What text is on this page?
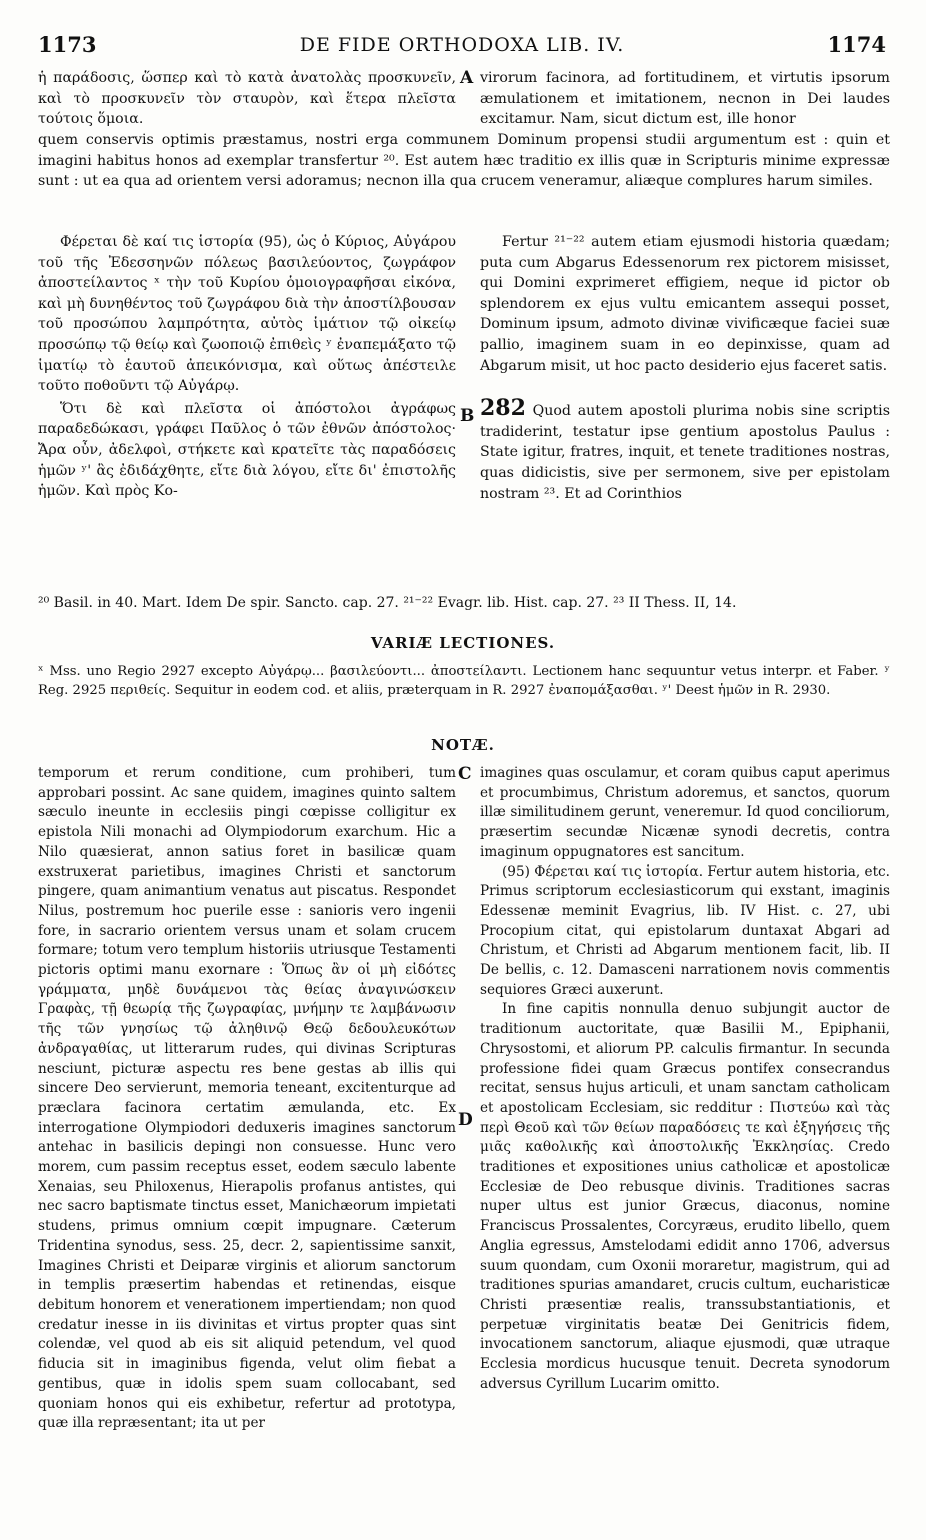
1173	DE FIDE ORTHODOXA LIB. IV.	1174

ἡ παράδοσις, ὥσπερ καὶ τὸ κατὰ ἀνατολὰς προσκυνεῖν, καὶ τὸ προσκυνεῖν τὸν σταυρὸν, καὶ ἕτερα πλεῖστα τούτοις ὅμοια.

A virorum facinora, ad fortitudinem, et virtutis ipsorum æmulationem et imitationem, necnon in Dei laudes excitamur. Nam, sicut dictum est, ille honor

quem conservis optimis præstamus, nostri erga communem Dominum propensi studii argumentum est : quin et imagini habitus honos ad exemplar transfertur ²⁰. Est autem hæc traditio ex illis quæ in Scripturis minime expressæ sunt : ut ea qua ad orientem versi adoramus; necnon illa qua crucem veneramur, aliæque complures harum similes.

Φέρεται δὲ καί τις ἱστορία (95), ὡς ὁ Κύριος, Αὐγάρου τοῦ τῆς Ἐδεσσηνῶν πόλεως βασιλεύοντος, ζωγράφον ἀποστείλαντος ˣ τὴν τοῦ Κυρίου ὁμοιογραφῆσαι εἰκόνα, καὶ μὴ δυνηθέντος τοῦ ζωγράφου διὰ τὴν ἀποστίλβουσαν τοῦ προσώπου λαμπρότητα, αὐτὸς ἱμάτιον τῷ οἰκείῳ προσώπῳ τῷ θείῳ καὶ ζωοποιῷ ἐπιθεὶς ʸ ἐναπεμάξατο τῷ ἱματίῳ τὸ ἑαυτοῦ ἀπεικόνισμα, καὶ οὕτως ἀπέστειλε τοῦτο ποθοῦντι τῷ Αὐγάρῳ.

Ὅτι δὲ καὶ πλεῖστα οἱ ἀπόστολοι ἀγράφως παραδεδώκασι, γράφει Παῦλος ὁ τῶν ἐθνῶν ἀπόστολος· Ἄρα οὖν, ἀδελφοὶ, στήκετε καὶ κρατεῖτε τὰς παραδόσεις ἡμῶν ʸ' ἃς ἐδιδάχθητε, εἴτε διὰ λόγου, εἴτε δι' ἐπιστολῆς ἡμῶν. Καὶ πρὸς Κο-

B

Fertur ²¹⁻²² autem etiam ejusmodi historia quædam; puta cum Abgarus Edessenorum rex pictorem misisset, qui Domini exprimeret effigiem, neque id pictor ob splendorem ex ejus vultu emicantem assequi posset, Dominum ipsum, admoto divinæ vivificæque faciei suæ pallio, imaginem suam in eo depinxisse, quam ad Abgarum misit, ut hoc pacto desiderio ejus faceret satis.

282 Quod autem apostoli plurima nobis sine scriptis tradiderint, testatur ipse gentium apostolus Paulus : State igitur, fratres, inquit, et tenete traditiones nostras, quas didicistis, sive per sermonem, sive per epistolam nostram ²³. Et ad Corinthios

²⁰ Basil. in 40. Mart. Idem De spir. Sancto. cap. 27. ²¹⁻²² Evagr. lib. Hist. cap. 27. ²³ II Thess. II, 14.
VARIÆ LECTIONES.
ˣ Mss. uno Regio 2927 excepto Αὐγάρῳ... βασιλεύοντι... ἀποστείλαντι. Lectionem hanc sequuntur vetus interpr. et Faber. ʸ Reg. 2925 περιθείς. Sequitur in eodem cod. et aliis, præterquam in R. 2927 ἐναπομάξασθαι. ʸ' Deest ἡμῶν in R. 2930.
NOTÆ.

temporum et rerum conditione, cum prohiberi, tum approbari possint. Ac sane quidem, imagines quinto saltem sæculo ineunte in ecclesiis pingi cœpisse colligitur ex epistola Nili monachi ad Olympiodorum exarchum. Hic a Nilo quæsierat, annon satius foret in basilicæ quam exstruxerat parietibus, imagines Christi et sanctorum pingere, quam animantium venatus aut piscatus. Respondet Nilus, postremum hoc puerile esse : sanioris vero ingenii fore, in sacrario orientem versus unam et solam crucem formare; totum vero templum historiis utriusque Testamenti pictoris optimi manu exornare : Ὅπως ἂν οἱ μὴ εἰδότες γράμματα, μηδὲ δυνάμενοι τὰς θείας ἀναγινώσκειν Γραφὰς, τῇ θεωρίᾳ τῆς ζωγραφίας, μνήμην τε λαμβάνωσιν τῆς τῶν γνησίως τῷ ἀληθινῷ Θεῷ δεδουλευκότων ἀνδραγαθίας, ut litterarum rudes, qui divinas Scripturas nesciunt, picturæ aspectu res bene gestas ab illis qui sincere Deo servierunt, memoria teneant, excitenturque ad præclara facinora certatim æmulanda, etc. Ex interrogatione Olympiodori deduxeris imagines sanctorum antehac in basilicis depingi non consuesse. Hunc vero morem, cum passim receptus esset, eodem sæculo labente Xenaias, seu Philoxenus, Hierapolis profanus antistes, qui nec sacro baptismate tinctus esset, Manichæorum impietati studens, primus omnium cœpit impugnare. Cæterum Tridentina synodus, sess. 25, decr. 2, sapientissime sanxit, Imagines Christi et Deiparæ virginis et aliorum sanctorum in templis præsertim habendas et retinendas, eisque debitum honorem et venerationem impertiendam; non quod credatur inesse in iis divinitas et virtus propter quas sint colendæ, vel quod ab eis sit aliquid petendum, vel quod fiducia sit in imaginibus figenda, velut olim fiebat a gentibus, quæ in idolis spem suam collocabant, sed quoniam honos qui eis exhibetur, refertur ad prototypa, quæ illa repræsentant; ita ut per

C
D

imagines quas osculamur, et coram quibus caput aperimus et procumbimus, Christum adoremus, et sanctos, quorum illæ similitudinem gerunt, veneremur. Id quod conciliorum, præsertim secundæ Nicænæ synodi decretis, contra imaginum oppugnatores est sancitum.

(95) Φέρεται καί τις ἱστορία. Fertur autem historia, etc. Primus scriptorum ecclesiasticorum qui exstant, imaginis Edessenæ meminit Evagrius, lib. IV Hist. c. 27, ubi Procopium citat, qui epistolarum duntaxat Abgari ad Christum, et Christi ad Abgarum mentionem facit, lib. II De bellis, c. 12. Damasceni narrationem novis commentis sequiores Græci auxerunt.

In fine capitis nonnulla denuo subjungit auctor de traditionum auctoritate, quæ Basilii M., Epiphanii, Chrysostomi, et aliorum PP. calculis firmantur. In secunda professione fidei quam Græcus pontifex consecrandus recitat, sensus hujus articuli, et unam sanctam catholicam et apostolicam Ecclesiam, sic redditur : Πιστεύω καὶ τὰς περὶ Θεοῦ καὶ τῶν θείων παραδόσεις τε καὶ ἐξηγήσεις τῆς μιᾶς καθολικῆς καὶ ἀποστολικῆς Ἐκκλησίας. Credo traditiones et expositiones unius catholicæ et apostolicæ Ecclesiæ de Deo rebusque divinis. Traditiones sacras nuper ultus est junior Græcus, diaconus, nomine Franciscus Prossalentes, Corcyræus, erudito libello, quem Anglia egressus, Amstelodami edidit anno 1706, adversus suum quondam, cum Oxonii moraretur, magistrum, qui ad traditiones spurias amandaret, crucis cultum, eucharisticæ Christi præsentiæ realis, transsubstantiationis, et perpetuæ virginitatis beatæ Dei Genitricis fidem, invocationem sanctorum, aliaque ejusmodi, quæ utraque Ecclesia mordicus hucusque tenuit. Decreta synodorum adversus Cyrillum Lucarim omitto.
